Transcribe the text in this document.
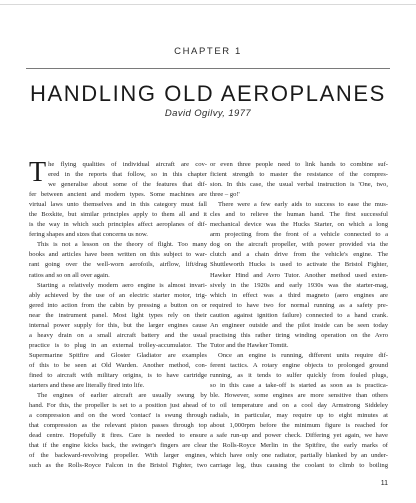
CHAPTER 1
HANDLING OLD AEROPLANES
David Ogilvy, 1977
T he flying qualities of individual aircraft are cov-
ered in the reports that follow, so in this chapter
we generalise about some of the features that dif-
fer between ancient and modern types. Some machines are
virtual laws unto themselves and in this category must fall
the Boxkite, but similar principles apply to them all and it
is the way in which such principles affect aeroplanes of dif-
fering shapes and sizes that concerns us now.
This is not a lesson on the theory of flight. Too many
books and articles have been written on this subject to war-
rant going over the well-worn aerofoils, airflow, lift/drag
ratios and so on all over again.
Starting a relatively modern aero engine is almost invari-
ably achieved by the use of an electric starter motor, trig-
gered into action from the cabin by pressing a button on or
near the instrument panel. Most light types rely on their
internal power supply for this, but the larger engines cause
a heavy drain on a small aircraft battery and the usual
practice is to plug in an external trolley-accumulator. The
Supermarine Spitfire and Gloster Gladiator are examples
of this to be seen at Old Warden. Another method, con-
fined to aircraft with military origins, is to have cartridge
starters and these are literally fired into life.
The engines of earlier aircraft are usually swung by
hand. For this, the propeller is set to a position just ahead of
a compression and on the word 'contact' is swung through
that compression as the relevant piston passes through top
dead centre. Hopefully it fires. Care is needed to ensure
that if the engine kicks back, the swinger's fingers are clear
of the backward-revolving propeller. With larger engines,
such as the Rolls-Royce Falcon in the Bristol Fighter, two
or even three people need to link hands to combine suf-
ficient strength to master the resistance of the compres-
sion. In this case, the usual verbal instruction is 'One, two,
three – go!'
There were a few early aids to success to ease the mus-
cles and to relieve the human hand. The first successful
mechanical device was the Hucks Starter, on which a long
arm projecting from the front of a vehicle connected to a
dog on the aircraft propeller, with power provided via the
clutch and a chain drive from the vehicle's engine. The
Shuttleworth Hucks is used to activate the Bristol Fighter,
Hawker Hind and Avro Tutor. Another method used exten-
sively in the 1920s and early 1930s was the starter-mag,
which in effect was a third magneto (aero engines are
required to have two for normal running as a safety pre-
caution against ignition failure) connected to a hand crank.
An engineer outside and the pilot inside can be seen today
practising this rather tiring winding operation on the Avro
Tutor and the Hawker Tomtit.
Once an engine is running, different units require dif-
ferent tactics. A rotary engine objects to prolonged ground
running, as it tends to sulfer quickly from fouled plugs,
so in this case a take-off is started as soon as is practica-
ble. However, some engines are more sensitive than others
to oil temperature and on a cool day Armstrong Siddeley
radials, in particular, may require up to eight minutes at
about 1,000rpm before the minimum figure is reached for
a safe run-up and power check. Differing yet again, we have
the Rolls-Royce Merlin in the Spitfire, the early marks of
which have only one radiator, partially blanked by an under-
carriage leg, thus causing the coolant to climb to boiling
11
